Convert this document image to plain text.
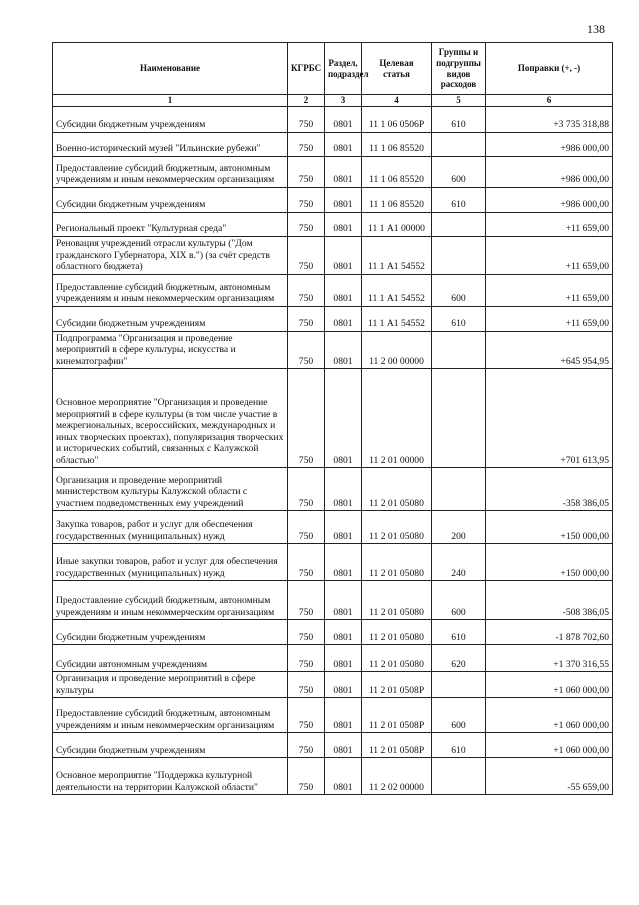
138
Наименование	КГРБС	Раздел, подраздел	Целевая статья	Группы и подгруппы видов расходов	Поправки (+, -)
1	2	3	4	5	6
Субсидии бюджетным учреждениям	750	0801	11 1 06 0506Р	610	+3 735 318,88
Военно-исторический музей "Ильинские рубежи"	750	0801	11 1 06 85520		+986 000,00
Предоставление субсидий бюджетным, автономным учреждениям и иным некоммерческим организациям	750	0801	11 1 06 85520	600	+986 000,00
Субсидии бюджетным учреждениям	750	0801	11 1 06 85520	610	+986 000,00
Региональный проект "Культурная среда"	750	0801	11 1 А1 00000		+11 659,00
Реновация учреждений отрасли культуры ("Дом гражданского Губернатора, XIX в.") (за счёт средств областного бюджета)	750	0801	11 1 А1 54552		+11 659,00
Предоставление субсидий бюджетным, автономным учреждениям и иным некоммерческим организациям	750	0801	11 1 А1 54552	600	+11 659,00
Субсидии бюджетным учреждениям	750	0801	11 1 А1 54552	610	+11 659,00
Подпрограмма "Организация и проведение мероприятий в сфере культуры, искусства и кинематографии"	750	0801	11 2 00 00000		+645 954,95
Основное мероприятие "Организация и проведение мероприятий в сфере культуры (в том числе участие в межрегиональных, всероссийских, международных и иных творческих проектах), популяризация творческих и исторических событий, связанных с Калужской областью"	750	0801	11 2 01 00000		+701 613,95
Организация и проведение мероприятий министерством культуры Калужской области с участием подведомственных ему учреждений	750	0801	11 2 01 05080		-358 386,05
Закупка товаров, работ и услуг для обеспечения государственных (муниципальных) нужд	750	0801	11 2 01 05080	200	+150 000,00
Иные закупки товаров, работ и услуг для обеспечения государственных (муниципальных) нужд	750	0801	11 2 01 05080	240	+150 000,00
Предоставление субсидий бюджетным, автономным учреждениям и иным некоммерческим организациям	750	0801	11 2 01 05080	600	-508 386,05
Субсидии бюджетным учреждениям	750	0801	11 2 01 05080	610	-1 878 702,60
Субсидии автономным учреждениям	750	0801	11 2 01 05080	620	+1 370 316,55
Организация и проведение мероприятий в сфере культуры	750	0801	11 2 01 0508Р		+1 060 000,00
Предоставление субсидий бюджетным, автономным учреждениям и иным некоммерческим организациям	750	0801	11 2 01 0508Р	600	+1 060 000,00
Субсидии бюджетным учреждениям	750	0801	11 2 01 0508Р	610	+1 060 000,00
Основное мероприятие "Поддержка культурной деятельности на территории Калужской области"	750	0801	11 2 02 00000		-55 659,00
